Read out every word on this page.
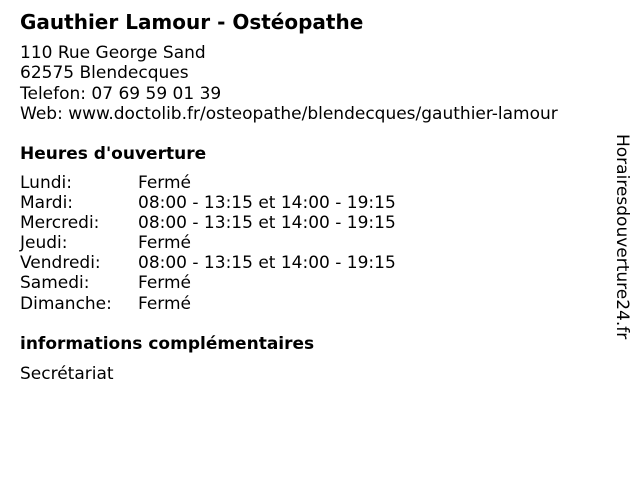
Gauthier Lamour - Ostéopathe
110 Rue George Sand
62575 Blendecques
Telefon: 07 69 59 01 39
Web: www.doctolib.fr/osteopathe/blendecques/gauthier-lamour
Heures d'ouverture
Lundi:	Fermé
Mardi:	08:00 - 13:15 et 14:00 - 19:15
Mercredi:	08:00 - 13:15 et 14:00 - 19:15
Jeudi:	Fermé
Vendredi:	08:00 - 13:15 et 14:00 - 19:15
Samedi:	Fermé
Dimanche:	Fermé
informations complémentaires
Secrétariat
Horairesdouverture24.fr
